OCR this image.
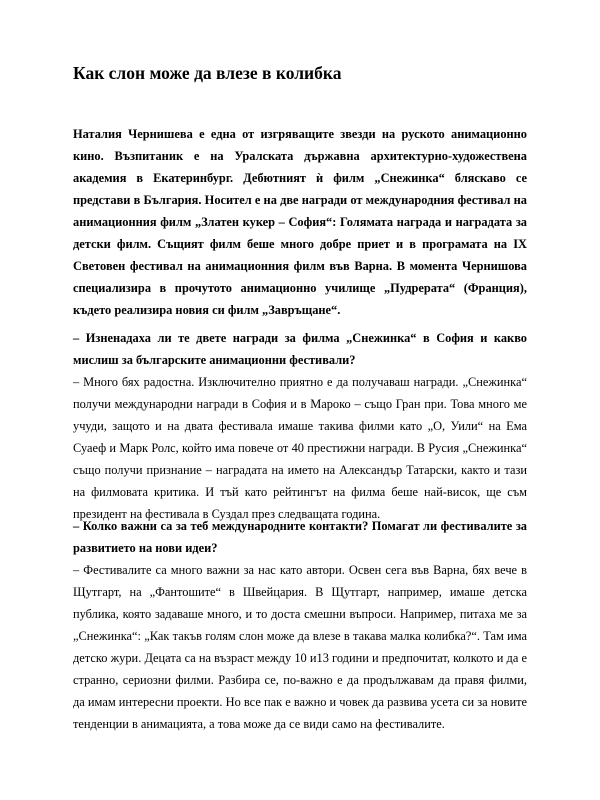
Как слон може да влезе в колибка

Наталия Чернишева е една от изгряващите звезди на руското анимационно кино. Възпитаник е на Уралската държавна архитектурно-художествена академия в Екатеринбург. Дебютният ѝ филм „Снежинка“ бляскаво се представи в България. Носител е на две награди от международния фестивал на анимационния филм „Златен кукер – София“: Голямата награда и наградата за детски филм. Същият филм беше много добре приет и в програмата на IX Световен фестивал на анимационния филм във Варна. В момента Чернишова специализира в прочутото анимационно училище „Пудрерата“ (Франция), където реализира новия си филм „Завръщане“.

– Изненадаха ли те двете награди за филма „Снежинка“ в София и какво мислиш за българските анимационни фестивали?

– Много бях радостна. Изключително приятно е да получаваш награди. „Снежинка“ получи международни награди в София и в Мароко – също Гран при. Това много ме учуди, защото и на двата фестивала имаше такива филми като „О, Уили“ на Ема Суаеф и Марк Ролс, който има повече от 40 престижни награди. В Русия „Снежинка“ също получи признание – наградата на името на Александър Татарски, както и тази на филмовата критика. И тъй като рейтингът на филма беше най-висок, ще съм президент на фестивала в Суздал през следващата година.

– Колко важни са за теб международните контакти? Помагат ли фестивалите за развитието на нови идеи?

– Фестивалите са много важни за нас като автори. Освен сега във Варна, бях вече в Щутгарт, на „Фантошите“ в Швейцария. В Щутгарт, например, имаше детска публика, която задаваше много, и то доста смешни въпроси. Например, питаха ме за „Снежинка“: „Как такъв голям слон може да влезе в такава малка колибка?“. Там има детско жури. Децата са на възраст между 10 и13 години и предпочитат, колкото и да е странно, сериозни филми. Разбира се, по-важно е да продължавам да правя филми, да имам интересни проекти. Но все пак е важно и човек да развива усета си за новите тенденции в анимацията, а това може да се види само на фестивалите.
